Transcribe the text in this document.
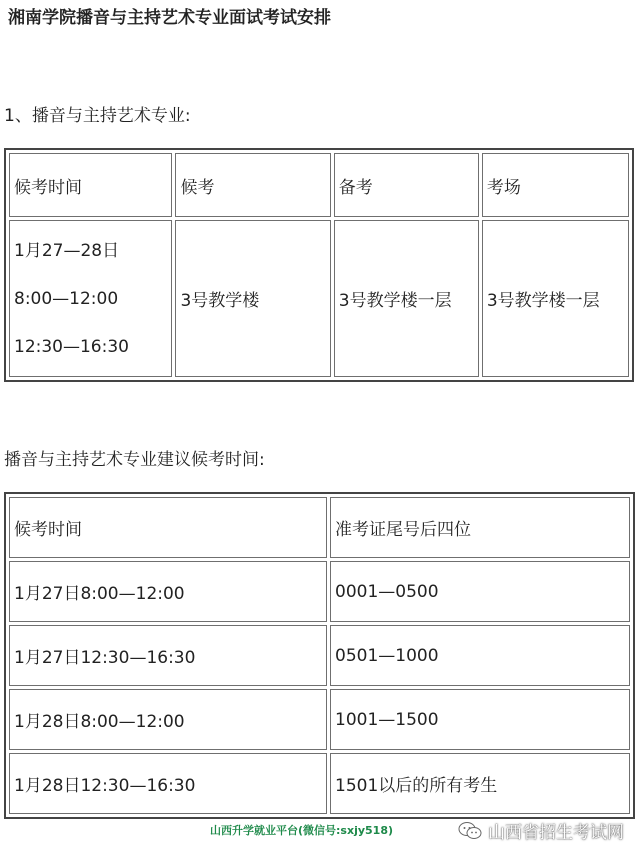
湘南学院播音与主持艺术专业面试考试安排
1、播音与主持艺术专业:
候考时间	候考	备考	考场

1月27—28日
8:00—12:00
12:30—16:30	3号教学楼	3号教学楼一层	3号教学楼一层
播音与主持艺术专业建议候考时间:
候考时间	准考证尾号后四位
1月27日8:00—12:00	0001—0500
1月27日12:30—16:30	0501—1000
1月28日8:00—12:00	1001—1500
1月28日12:30—16:30	1501以后的所有考生
山西升学就业平台(微信号:sxjy518)	山西省招生考试网
